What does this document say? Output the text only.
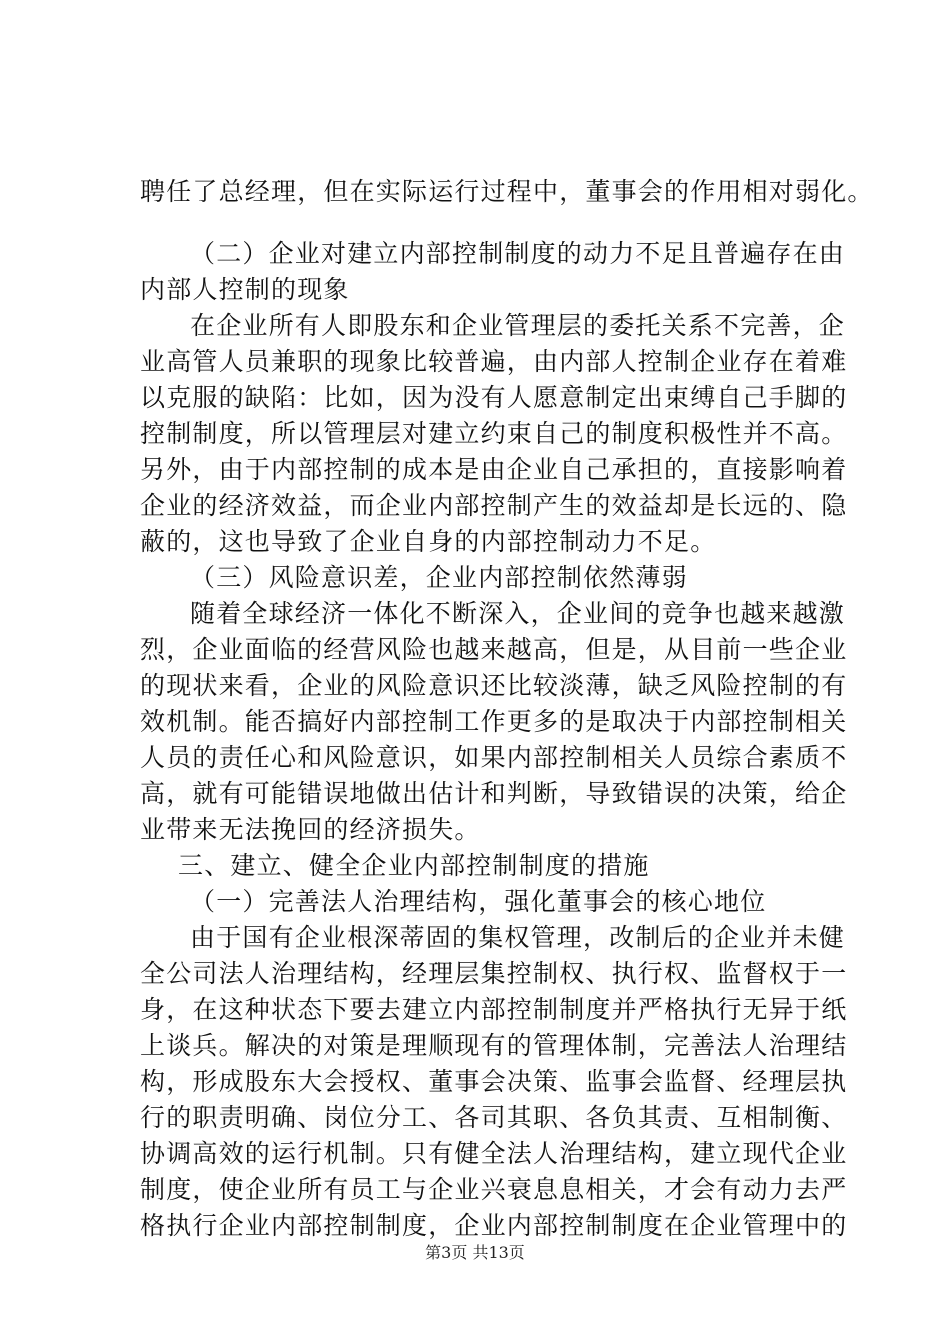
聘任了总经理，但在实际运行过程中，董事会的作用相对弱化。
（二）企业对建立内部控制制度的动力不足且普遍存在由
内部人控制的现象
在企业所有人即股东和企业管理层的委托关系不完善，企
业高管人员兼职的现象比较普遍，由内部人控制企业存在着难
以克服的缺陷：比如，因为没有人愿意制定出束缚自己手脚的
控制制度，所以管理层对建立约束自己的制度积极性并不高。
另外，由于内部控制的成本是由企业自己承担的，直接影响着
企业的经济效益，而企业内部控制产生的效益却是长远的、隐
蔽的，这也导致了企业自身的内部控制动力不足。
（三）风险意识差，企业内部控制依然薄弱
随着全球经济一体化不断深入，企业间的竞争也越来越激
烈，企业面临的经营风险也越来越高，但是，从目前一些企业
的现状来看，企业的风险意识还比较淡薄，缺乏风险控制的有
效机制。能否搞好内部控制工作更多的是取决于内部控制相关
人员的责任心和风险意识，如果内部控制相关人员综合素质不
高，就有可能错误地做出估计和判断，导致错误的决策，给企
业带来无法挽回的经济损失。
三、建立、健全企业内部控制制度的措施
（一）完善法人治理结构，强化董事会的核心地位
由于国有企业根深蒂固的集权管理，改制后的企业并未健
全公司法人治理结构，经理层集控制权、执行权、监督权于一
身，在这种状态下要去建立内部控制制度并严格执行无异于纸
上谈兵。解决的对策是理顺现有的管理体制，完善法人治理结
构，形成股东大会授权、董事会决策、监事会监督、经理层执
行的职责明确、岗位分工、各司其职、各负其责、互相制衡、
协调高效的运行机制。只有健全法人治理结构，建立现代企业
制度，使企业所有员工与企业兴衰息息相关，才会有动力去严
格执行企业内部控制制度，企业内部控制制度在企业管理中的
第3页 共13页
